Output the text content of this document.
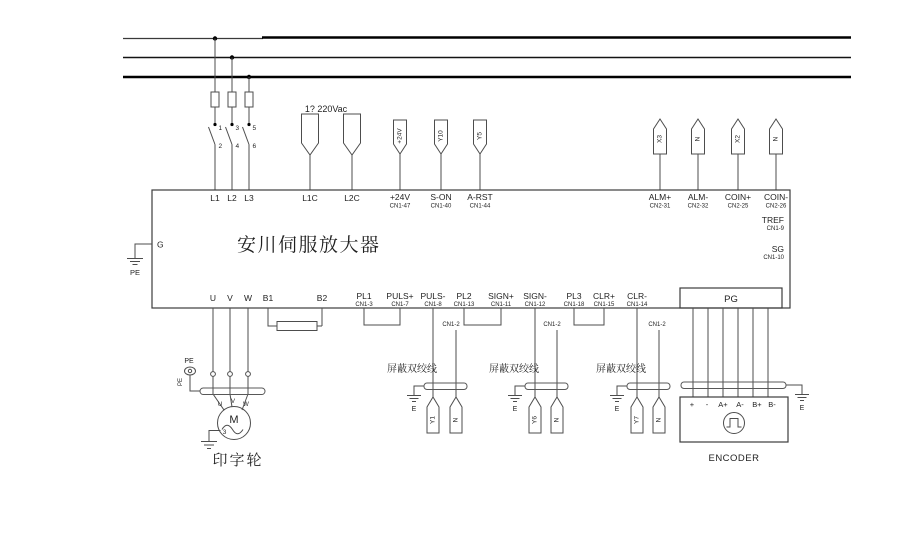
1
2
3
4
5
6
1? 220Vac
+24V	Y10	Y5	X3	N	X2	N
安川伺服放大器
L1 L2 L3	L1C	L2C	+24V
CN1-47
S-ON
CN1-40
A-RST
CN1-44
ALM+
CN2-31
ALM-
CN2-32
COIN+
CN2-25
COIN-
CN2-26
TREF
CN1-9
SG
CN1-10
G
PE
U V W B1	B2	PL1
CN1-3
PULS+
CN1-7
PULS-
CN1-8
PL2
CN1-13
SIGN+
CN1-11
SIGN-
CN1-12
PL3
CN1-18
CLR+
CN1-15
CLR-
CN1-14	PG
CN1-2
屏蔽双绞线
E
Y1 N
CN1-2
屏蔽双绞线
E
Y6 N
CN1-2
屏蔽双绞线
E
Y7 N
PE
PE
U V W
M
3
印字轮
E
+ - A+ A- B+ B-
ENCODER
